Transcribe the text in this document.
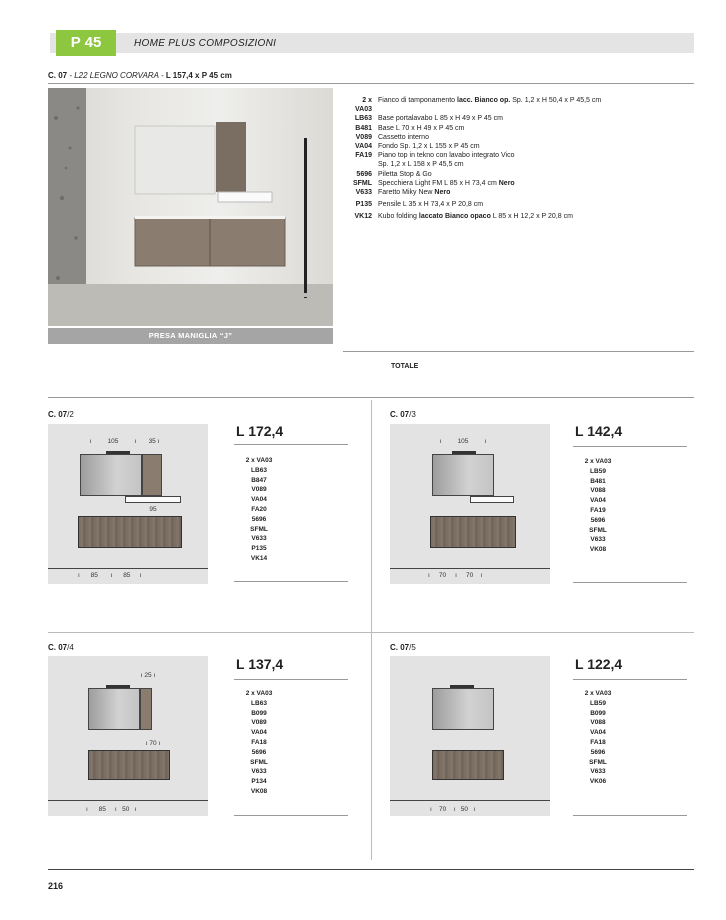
P 45	HOME PLUS COMPOSIZIONI
C. 07 - L22 LEGNO CORVARA - L 157,4 x P 45 cm
PRESA MANIGLIA “J”
2 x VA03
Fianco di tamponamento lacc. Bianco op. Sp. 1,2 x H 50,4 x P 45,5 cm
LB63 Base portalavabo L 85 x H 49 x P 45 cm
B481 Base L 70 x H 49 x P 45 cm
V089 Cassetto interno
VA04 Fondo Sp. 1,2 x L 155 x P 45 cm
FA19 Piano top in tekno con lavabo integrato Vico
Sp. 1,2 x L 158 x P 45,5 cm
5696 Piletta Stop & Go
SFML Specchiera Light FM L 85 x H 73,4 cm Nero
V633 Faretto Miky New Nero
P135 Pensile L 35 x H 73,4 x P 20,8 cm
VK12 Kubo folding laccato Bianco opaco L 85 x H 12,2 x P 20,8 cm
TOTALE
C. 07/2
ı         105         ı	35 ı
95
ı      85       ı      85     ı
L 172,4
2 x VA03
LB63
B847
V089
VA04
FA20
5696
SFML
V633
P135
VK14
C. 07/3
ı         105         ı
ı     70     ı     70    ı
L 142,4
2 x VA03
LB59
B481
V088
VA04
FA19
5696
SFML
V633
VK08
C. 07/4
ı 25 ı
ı 70 ı
ı      85     ı   50   ı
L 137,4
2 x VA03
LB63
B099
V089
VA04
FA18
5696
SFML
V633
P134
VK08
C. 07/5
ı    70    ı   50   ı
L 122,4
2 x VA03
LB59
B099
V088
VA04
FA18
5696
SFML
V633
VK06
216
